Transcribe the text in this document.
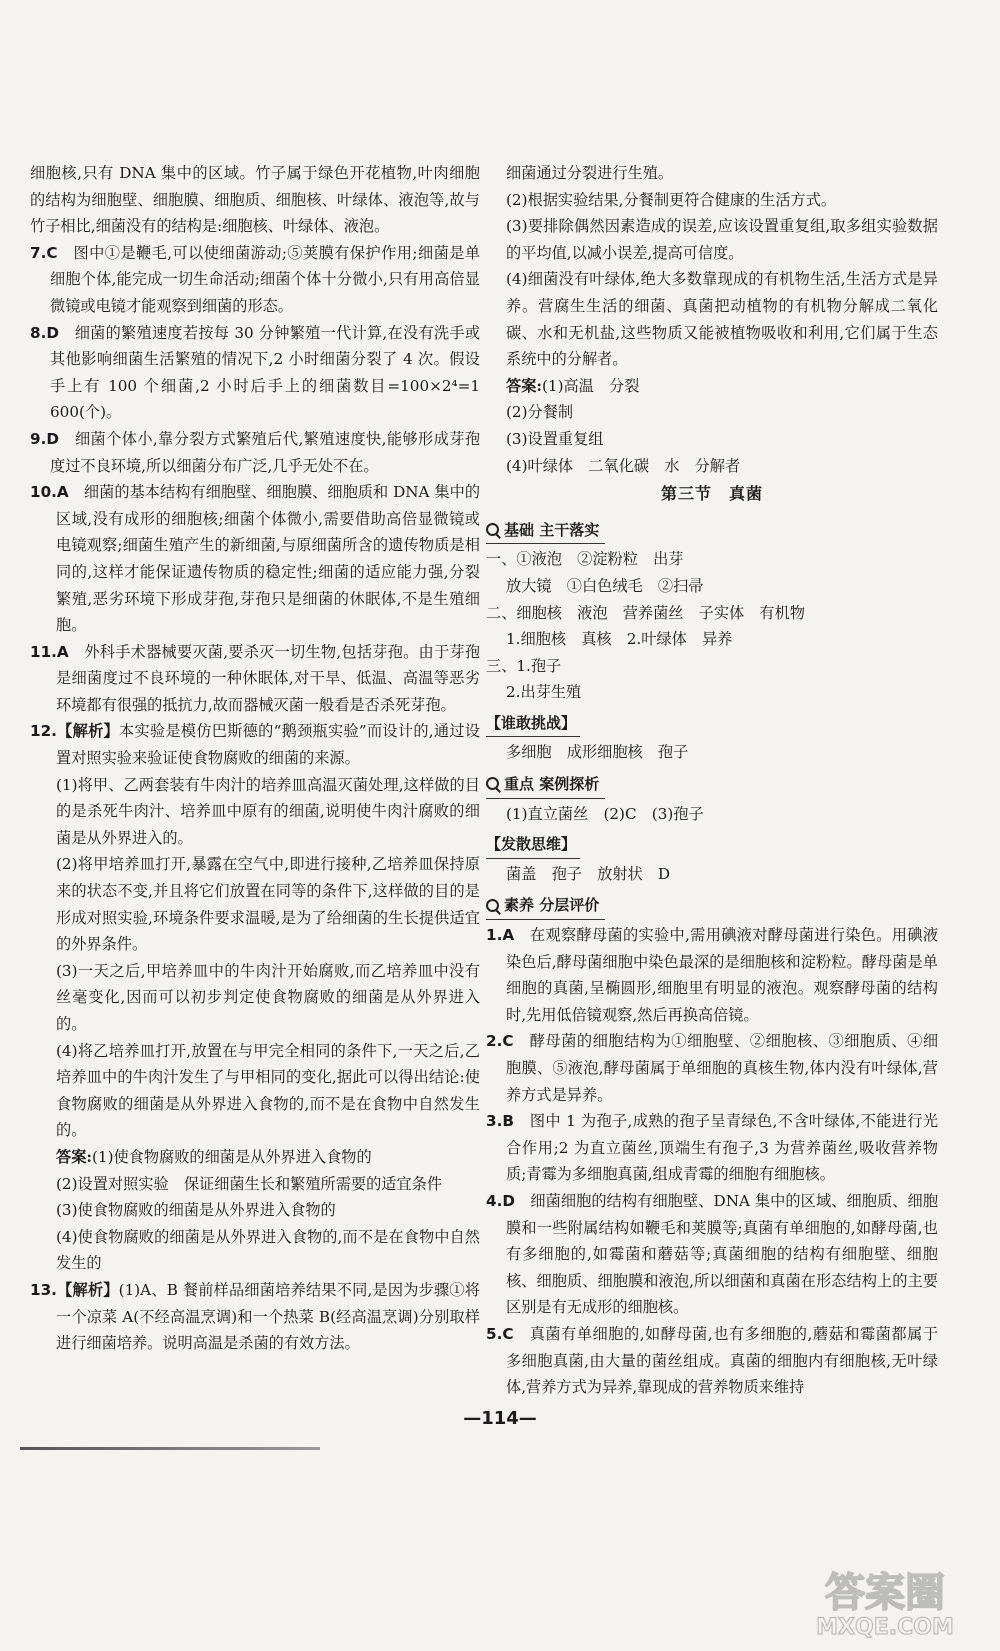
细胞核,只有 DNA 集中的区域。竹子属于绿色开花植物,叶肉细胞的结构为细胞壁、细胞膜、细胞质、细胞核、叶绿体、液泡等,故与竹子相比,细菌没有的结构是:细胞核、叶绿体、液泡。

7.C　 图中①是鞭毛,可以使细菌游动;⑤荚膜有保护作用;细菌是单细胞个体,能完成一切生命活动;细菌个体十分微小,只有用高倍显微镜或电镜才能观察到细菌的形态。

8.D　 细菌的繁殖速度若按每 30 分钟繁殖一代计算,在没有洗手或其他影响细菌生活繁殖的情况下,2 小时细菌分裂了 4 次。假设手上有 100 个细菌,2 小时后手上的细菌数目=100×2⁴=1 600(个)。

9.D　 细菌个体小,靠分裂方式繁殖后代,繁殖速度快,能够形成芽孢度过不良环境,所以细菌分布广泛,几乎无处不在。

10.A　 细菌的基本结构有细胞壁、细胞膜、细胞质和 DNA 集中的区域,没有成形的细胞核;细菌个体微小,需要借助高倍显微镜或电镜观察;细菌生殖产生的新细菌,与原细菌所含的遗传物质是相同的,这样才能保证遗传物质的稳定性;细菌的适应能力强,分裂繁殖,恶劣环境下形成芽孢,芽孢只是细菌的休眠体,不是生殖细胞。

11.A　 外科手术器械要灭菌,要杀灭一切生物,包括芽孢。由于芽孢是细菌度过不良环境的一种休眠体,对干旱、低温、高温等恶劣环境都有很强的抵抗力,故而器械灭菌一般看是否杀死芽孢。

12.【解析】本实验是模仿巴斯德的“鹅颈瓶实验”而设计的,通过设置对照实验来验证使食物腐败的细菌的来源。

(1)将甲、乙两套装有牛肉汁的培养皿高温灭菌处理,这样做的目的是杀死牛肉汁、培养皿中原有的细菌,说明使牛肉汁腐败的细菌是从外界进入的。

(2)将甲培养皿打开,暴露在空气中,即进行接种,乙培养皿保持原来的状态不变,并且将它们放置在同等的条件下,这样做的目的是形成对照实验,环境条件要求温暖,是为了给细菌的生长提供适宜的外界条件。

(3)一天之后,甲培养皿中的牛肉汁开始腐败,而乙培养皿中没有丝毫变化,因而可以初步判定使食物腐败的细菌是从外界进入的。

(4)将乙培养皿打开,放置在与甲完全相同的条件下,一天之后,乙培养皿中的牛肉汁发生了与甲相同的变化,据此可以得出结论:使食物腐败的细菌是从外界进入食物的,而不是在食物中自然发生的。

答案:(1)使食物腐败的细菌是从外界进入食物的

(2)设置对照实验　保证细菌生长和繁殖所需要的适宜条件

(3)使食物腐败的细菌是从外界进入食物的

(4)使食物腐败的细菌是从外界进入食物的,而不是在食物中自然发生的

13.【解析】(1)A、B 餐前样品细菌培养结果不同,是因为步骤①将一个凉菜 A(不经高温烹调)和一个热菜 B(经高温烹调)分别取样进行细菌培养。说明高温是杀菌的有效方法。

细菌通过分裂进行生殖。

(2)根据实验结果,分餐制更符合健康的生活方式。

(3)要排除偶然因素造成的误差,应该设置重复组,取多组实验数据的平均值,以减小误差,提高可信度。

(4)细菌没有叶绿体,绝大多数靠现成的有机物生活,生活方式是异养。营腐生生活的细菌、真菌把动植物的有机物分解成二氧化碳、水和无机盐,这些物质又能被植物吸收和利用,它们属于生态系统中的分解者。

答案:(1)高温　分裂

(2)分餐制

(3)设置重复组

(4)叶绿体　二氧化碳　水　分解者

第三节　真菌
基础 主干落实

一、①液泡　②淀粉粒　出芽

放大镜　①白色绒毛　②扫帚

二、细胞核　液泡　营养菌丝　子实体　有机物

1.细胞核　真核　2.叶绿体　异养

三、1.孢子

2.出芽生殖

【谁敢挑战】

多细胞　成形细胞核　孢子

重点 案例探析

(1)直立菌丝　(2)C　(3)孢子

【发散思维】

菌盖　孢子　放射状　D

素养 分层评价

1.A　 在观察酵母菌的实验中,需用碘液对酵母菌进行染色。用碘液染色后,酵母菌细胞中染色最深的是细胞核和淀粉粒。酵母菌是单细胞的真菌,呈椭圆形,细胞里有明显的液泡。观察酵母菌的结构时,先用低倍镜观察,然后再换高倍镜。

2.C　 酵母菌的细胞结构为①细胞壁、②细胞核、③细胞质、④细胞膜、⑤液泡,酵母菌属于单细胞的真核生物,体内没有叶绿体,营养方式是异养。

3.B　 图中 1 为孢子,成熟的孢子呈青绿色,不含叶绿体,不能进行光合作用;2 为直立菌丝,顶端生有孢子,3 为营养菌丝,吸收营养物质;青霉为多细胞真菌,组成青霉的细胞有细胞核。

4.D　 细菌细胞的结构有细胞壁、DNA 集中的区域、细胞质、细胞膜和一些附属结构如鞭毛和荚膜等;真菌有单细胞的,如酵母菌,也有多细胞的,如霉菌和蘑菇等;真菌细胞的结构有细胞壁、细胞核、细胞质、细胞膜和液泡,所以细菌和真菌在形态结构上的主要区别是有无成形的细胞核。

5.C　 真菌有单细胞的,如酵母菌,也有多细胞的,蘑菇和霉菌都属于多细胞真菌,由大量的菌丝组成。真菌的细胞内有细胞核,无叶绿体,营养方式为异养,靠现成的营养物质来维持

—114—
答案圈
MXQE.COM
